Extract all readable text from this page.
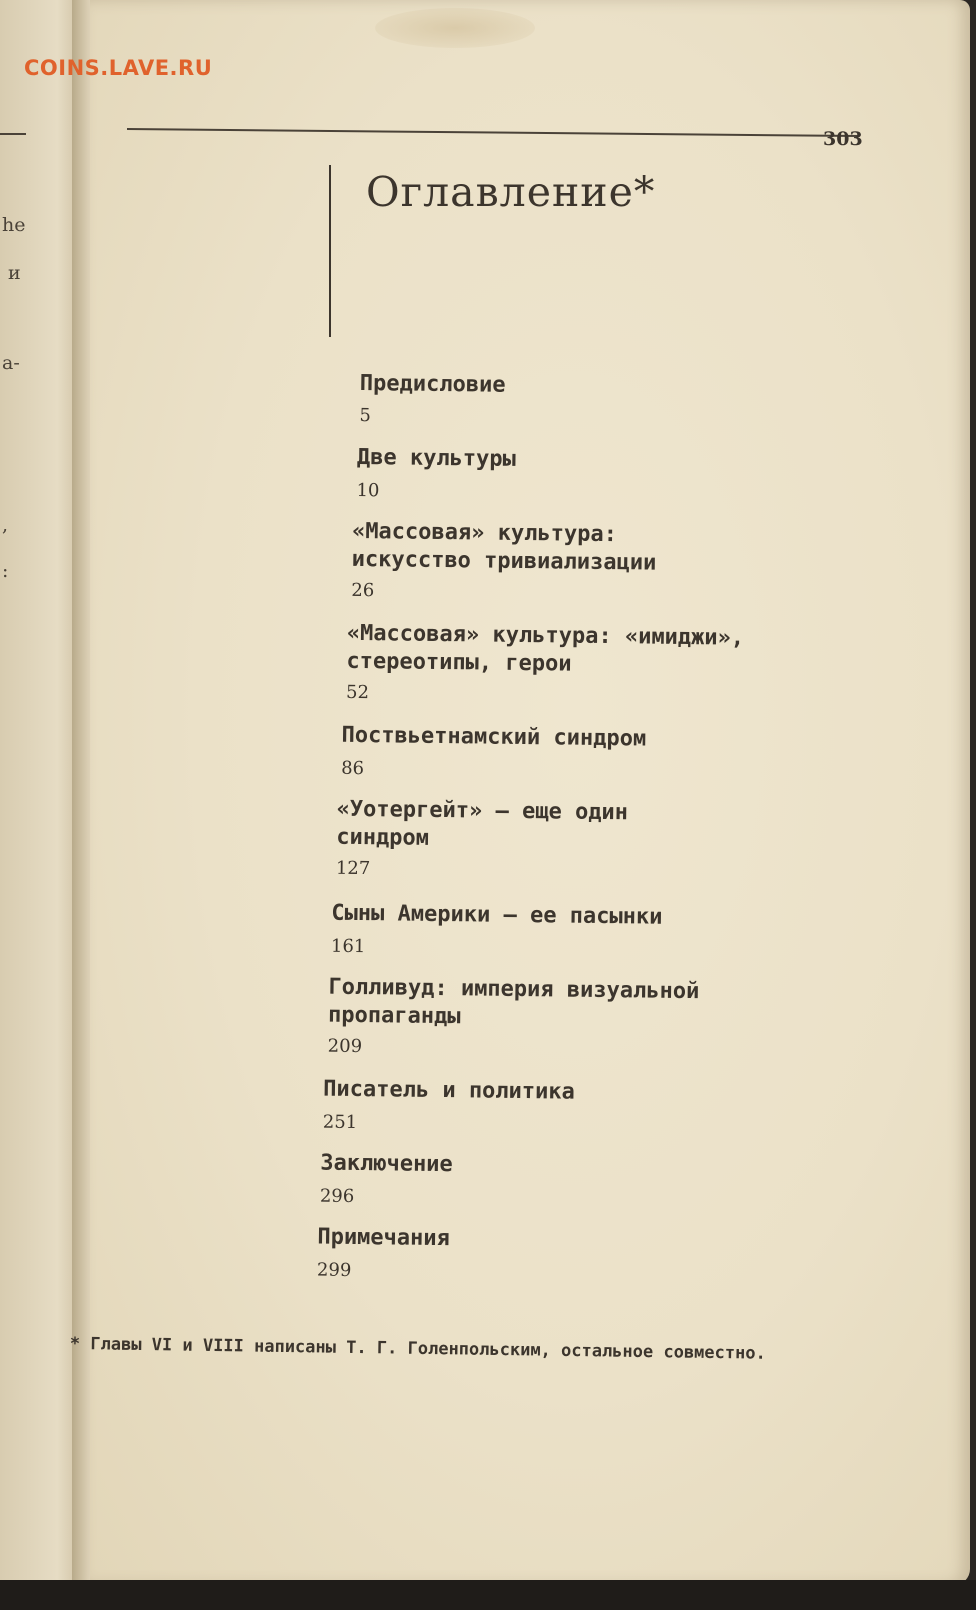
he
и
а-
,
:
303
Оглавление*
Предисловие
5
Две культуры
10
«Массовая» культура:
искусство тривиализации
26
«Массовая» культура: «имиджи»,
стереотипы, герои
52
Поствьетнамский синдром
86
«Уотергейт» — еще один
синдром
127
Сыны Америки — ее пасынки
161
Голливуд: империя визуальной
пропаганды
209
Писатель и политика
251
Заключение
296
Примечания
299
* Главы VI и VIII написаны Т. Г. Голенпольским, остальное совместно.
COINS.LAVE.RU
